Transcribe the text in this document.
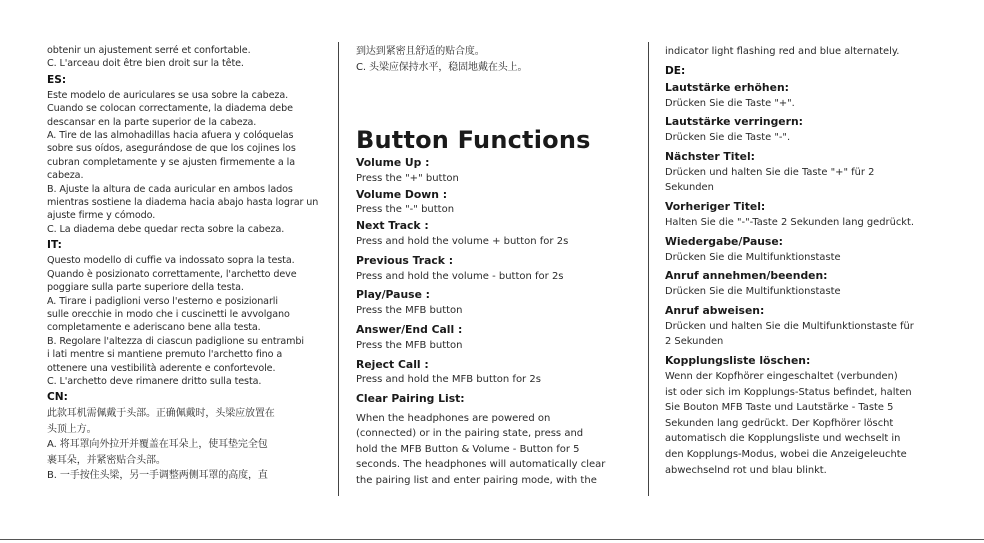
obtenir un ajustement serré et confortable.

C. L'arceau doit être bien droit sur la tête.

ES:

Este modelo de auriculares se usa sobre la cabeza.

Cuando se colocan correctamente, la diadema debe

descansar en la parte superior de la cabeza.

A. Tire de las almohadillas hacia afuera y colóquelas

sobre sus oídos, asegurándose de que los cojines los

cubran completamente y se ajusten firmemente a la

cabeza.

B. Ajuste la altura de cada auricular en ambos lados

mientras sostiene la diadema hacia abajo hasta lograr un

ajuste firme y cómodo.

C. La diadema debe quedar recta sobre la cabeza.

IT:

Questo modello di cuffie va indossato sopra la testa.

Quando è posizionato correttamente, l'archetto deve

poggiare sulla parte superiore della testa.

A. Tirare i padiglioni verso l'esterno e posizionarli

sulle orecchie in modo che i cuscinetti le avvolgano

completamente e aderiscano bene alla testa.

B. Regolare l'altezza di ciascun padiglione su entrambi

i lati mentre si mantiene premuto l'archetto fino a

ottenere una vestibilità aderente e confortevole.

C. L'archetto deve rimanere dritto sulla testa.

CN:

此款耳机需佩戴于头部。正确佩戴时，头梁应放置在

头顶上方。

A. 将耳罩向外拉开并覆盖在耳朵上，使耳垫完全包

裹耳朵，并紧密贴合头部。

B. 一手按住头梁，另一手调整两侧耳罩的高度，直

到达到紧密且舒适的贴合度。

C. 头梁应保持水平，稳固地戴在头上。

Button Functions

Volume Up :

Press the "+" button

Volume Down :

Press the "-" button

Next Track :

Press and hold the volume + button for 2s

Previous Track :

Press and hold the volume - button for 2s

Play/Pause :

Press the MFB button

Answer/End Call :

Press the MFB button

Reject Call :

Press and hold the MFB button for 2s

Clear Pairing List:

When the headphones are powered on

(connected) or in the pairing state, press and

hold the MFB Button & Volume - Button for 5

seconds. The headphones will automatically clear

the pairing list and enter pairing mode, with the

indicator light flashing red and blue alternately.

DE:

Lautstärke erhöhen:

Drücken Sie die Taste "+".

Lautstärke verringern:

Drücken Sie die Taste "-".

Nächster Titel:

Drücken und halten Sie die Taste "+" für 2

Sekunden

Vorheriger Titel:

Halten Sie die "-"-Taste 2 Sekunden lang gedrückt.

Wiedergabe/Pause:

Drücken Sie die Multifunktionstaste

Anruf annehmen/beenden:

Drücken Sie die Multifunktionstaste

Anruf abweisen:

Drücken und halten Sie die Multifunktionstaste für

2 Sekunden

Kopplungsliste löschen:

Wenn der Kopfhörer eingeschaltet (verbunden)

ist oder sich im Kopplungs-Status befindet, halten

Sie Bouton MFB Taste und Lautstärke - Taste 5

Sekunden lang gedrückt. Der Kopfhörer löscht

automatisch die Kopplungsliste und wechselt in

den Kopplungs-Modus, wobei die Anzeigeleuchte

abwechselnd rot und blau blinkt.
